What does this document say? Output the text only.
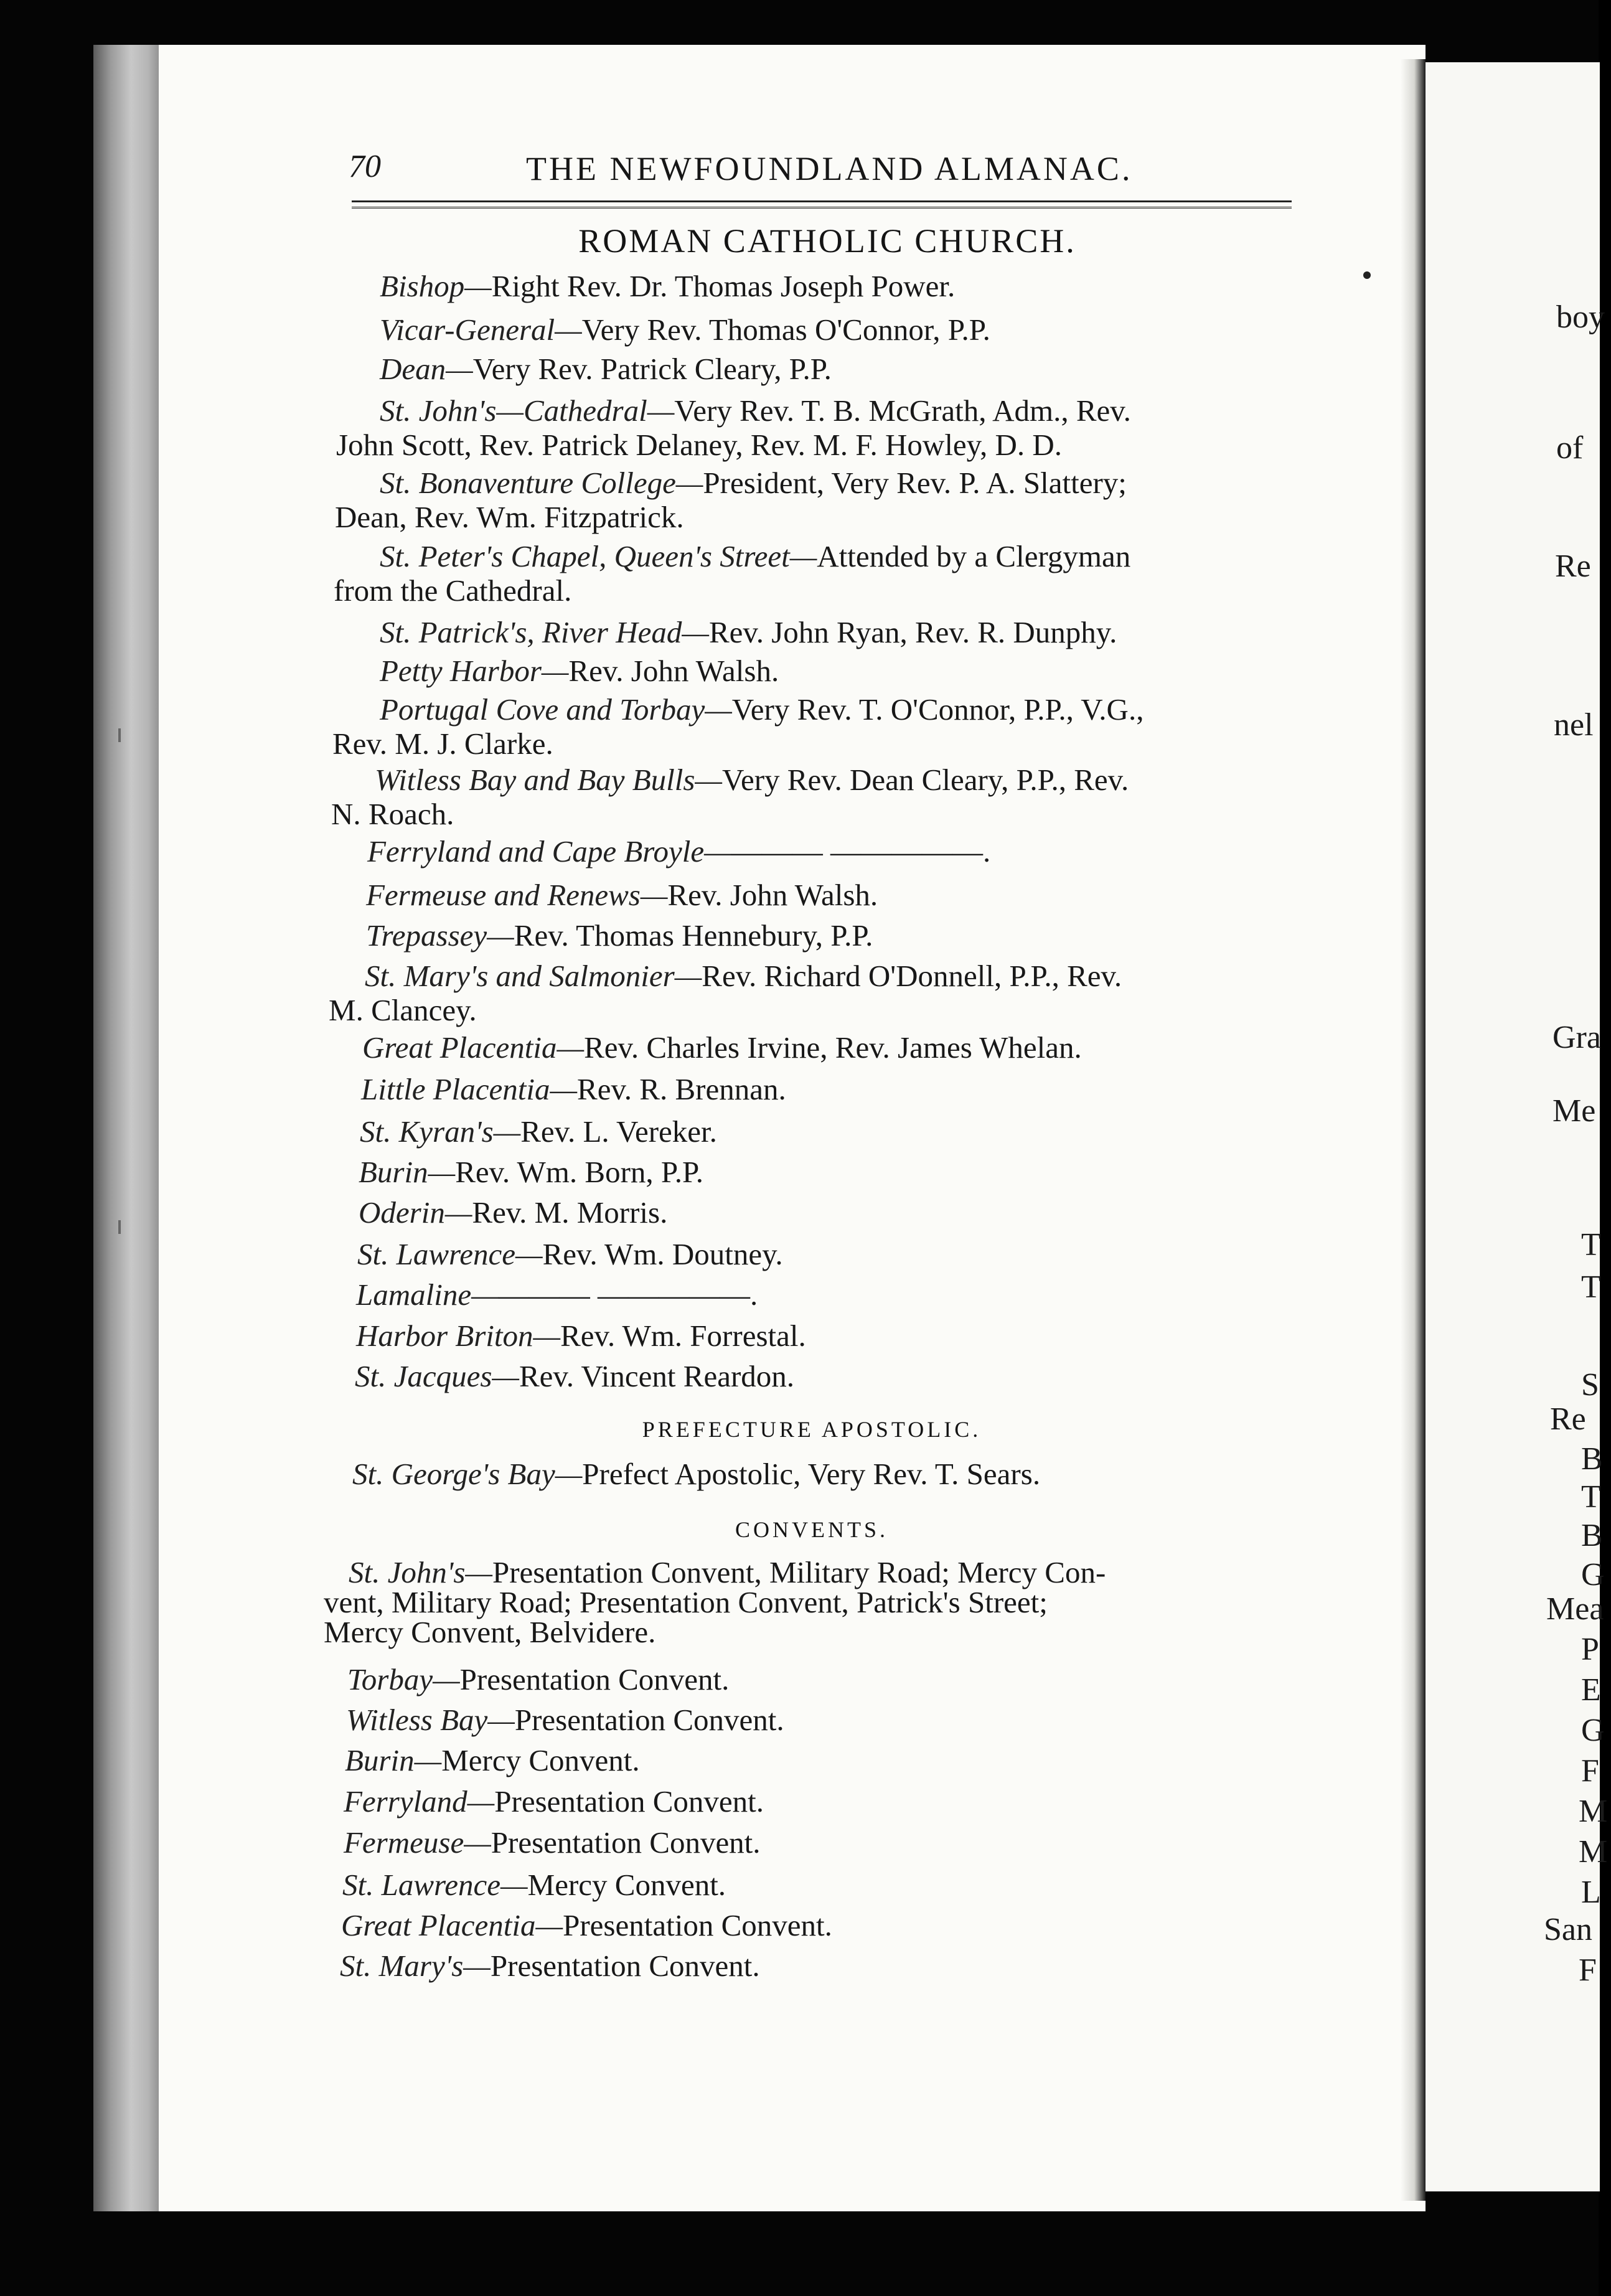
boy
of
Re
nel
Gra
Me
T
T
S
Re
B
T
B
G
Mea
P
E
G
F
M
M
L
San
F
70	THE NEWFOUNDLAND ALMANAC.
ROMAN CATHOLIC CHURCH.
Bishop—Right Rev. Dr. Thomas Joseph Power.
Vicar-General—Very Rev. Thomas O'Connor, P.P.
Dean—Very Rev. Patrick Cleary, P.P.
St. John's—Cathedral—Very Rev. T. B. McGrath, Adm., Rev.
John Scott, Rev. Patrick Delaney, Rev. M. F. Howley, D. D.
St. Bonaventure College—President, Very Rev. P. A. Slattery;
Dean, Rev. Wm. Fitzpatrick.
St. Peter's Chapel, Queen's Street—Attended by a Clergyman
from the Cathedral.
St. Patrick's, River Head—Rev. John Ryan, Rev. R. Dunphy.
Petty Harbor—Rev. John Walsh.
Portugal Cove and Torbay—Very Rev. T. O'Connor, P.P., V.G.,
Rev. M. J. Clarke.
Witless Bay and Bay Bulls—Very Rev. Dean Cleary, P.P., Rev.
N. Roach.
Ferryland and Cape Broyle———— —————.
Fermeuse and Renews—Rev. John Walsh.
Trepassey—Rev. Thomas Hennebury, P.P.
St. Mary's and Salmonier—Rev. Richard O'Donnell, P.P., Rev.
M. Clancey.
Great Placentia—Rev. Charles Irvine, Rev. James Whelan.
Little Placentia—Rev. R. Brennan.
St. Kyran's—Rev. L. Vereker.
Burin—Rev. Wm. Born, P.P.
Oderin—Rev. M. Morris.
St. Lawrence—Rev. Wm. Doutney.
Lamaline———— —————.
Harbor Briton—Rev. Wm. Forrestal.
St. Jacques—Rev. Vincent Reardon.
PREFECTURE APOSTOLIC.
St. George's Bay—Prefect Apostolic, Very Rev. T. Sears.
CONVENTS.
St. John's—Presentation Convent, Military Road; Mercy Con-
vent, Military Road; Presentation Convent, Patrick's Street;
Mercy Convent, Belvidere.
Torbay—Presentation Convent.
Witless Bay—Presentation Convent.
Burin—Mercy Convent.
Ferryland—Presentation Convent.
Fermeuse—Presentation Convent.
St. Lawrence—Mercy Convent.
Great Placentia—Presentation Convent.
St. Mary's—Presentation Convent.
